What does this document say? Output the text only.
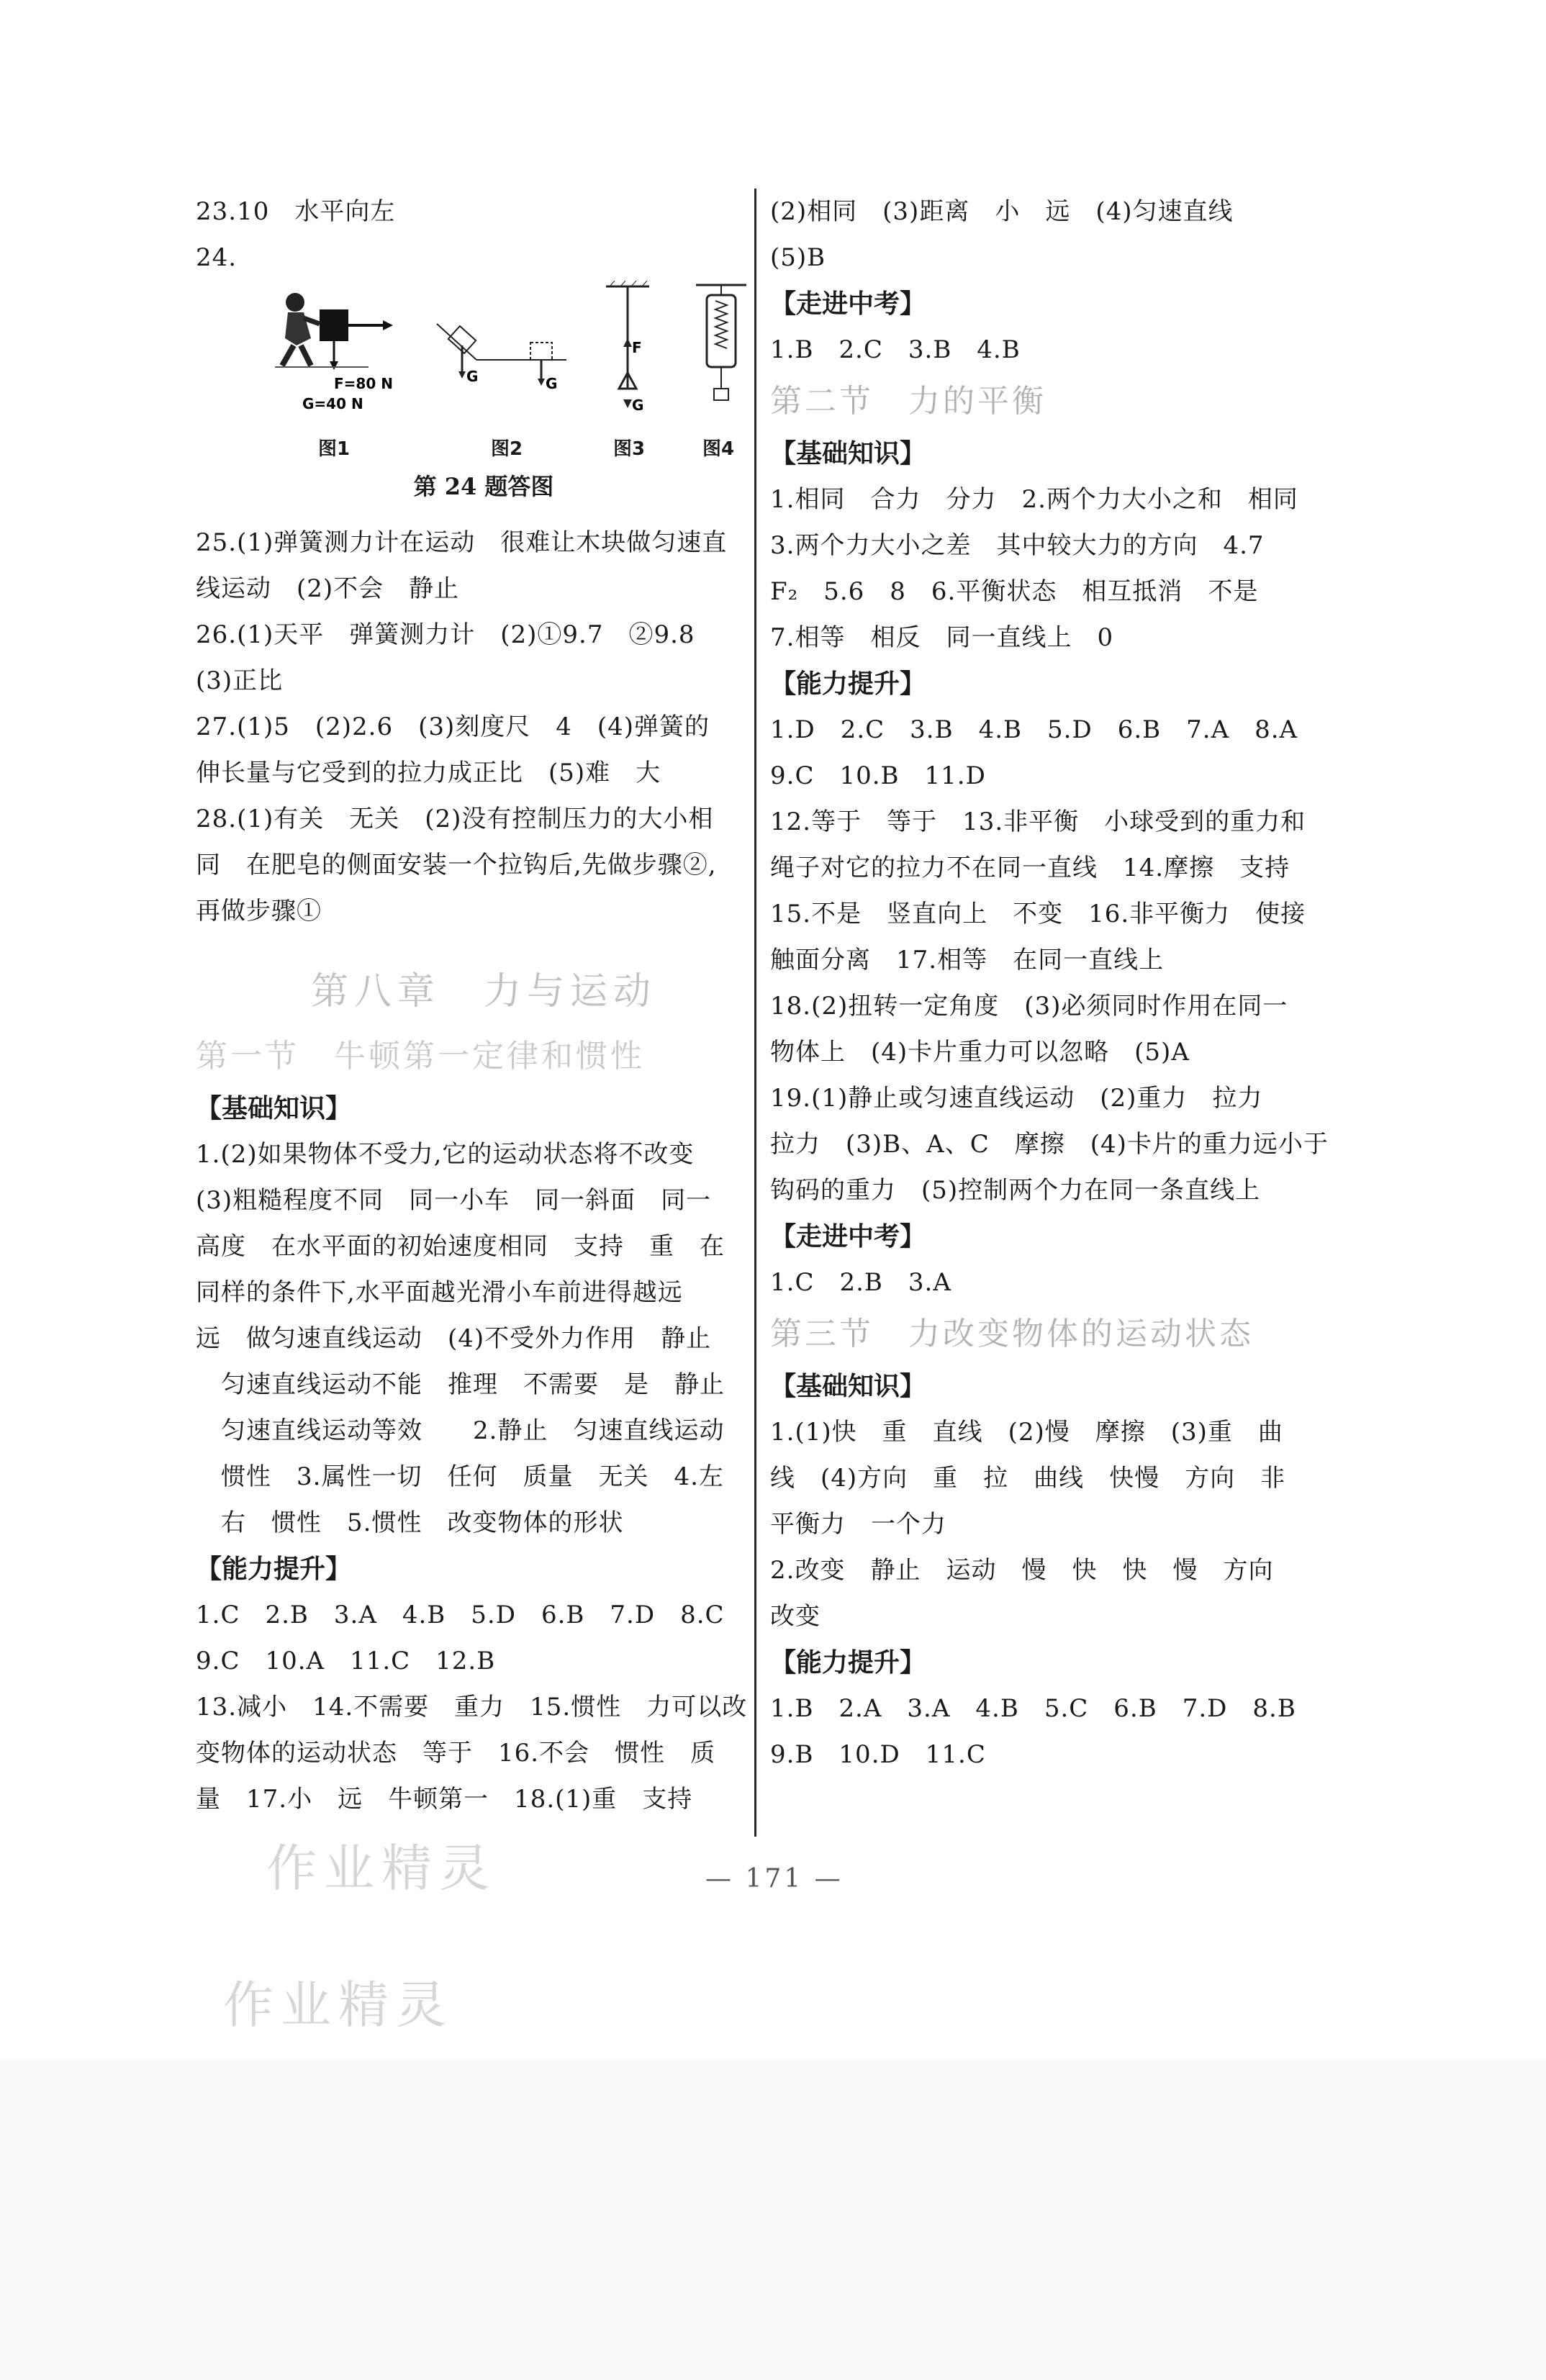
23.10　水平向左
24.
F=80 N
G=40 N
图1
G	G
图2
F
G
图3	图4
第 24 题答图
25.(1)弹簧测力计在运动　很难让木块做匀速直
线运动　(2)不会　静止
26.(1)天平　弹簧测力计　(2)①9.7　②9.8
(3)正比
27.(1)5　(2)2.6　(3)刻度尺　4　(4)弹簧的
伸长量与它受到的拉力成正比　(5)难　大
28.(1)有关　无关　(2)没有控制压力的大小相
同　在肥皂的侧面安装一个拉钩后,先做步骤②,
再做步骤①
第八章　力与运动
第一节　牛顿第一定律和惯性
【基础知识】
1.(2)如果物体不受力,它的运动状态将不改变
(3)粗糙程度不同　同一小车　同一斜面　同一
高度　在水平面的初始速度相同　支持　重　在
同样的条件下,水平面越光滑小车前进得越远
远　做匀速直线运动　(4)不受外力作用　静止
　匀速直线运动不能　推理　不需要　是　静止
　匀速直线运动等效　　2.静止　匀速直线运动
　惯性　3.属性一切　任何　质量　无关　4.左
　右　惯性　5.惯性　改变物体的形状
【能力提升】
1.C　2.B　3.A　4.B　5.D　6.B　7.D　8.C
9.C　10.A　11.C　12.B
13.减小　14.不需要　重力　15.惯性　力可以改
变物体的运动状态　等于　16.不会　惯性　质
量　17.小　远　牛顿第一　18.(1)重　支持
(2)相同　(3)距离　小　远　(4)匀速直线
(5)B
【走进中考】
1.B　2.C　3.B　4.B
第二节　力的平衡
【基础知识】
1.相同　合力　分力　2.两个力大小之和　相同
3.两个力大小之差　其中较大力的方向　4.7
F₂　5.6　8　6.平衡状态　相互抵消　不是
7.相等　相反　同一直线上　0
【能力提升】
1.D　2.C　3.B　4.B　5.D　6.B　7.A　8.A
9.C　10.B　11.D
12.等于　等于　13.非平衡　小球受到的重力和
绳子对它的拉力不在同一直线　14.摩擦　支持
15.不是　竖直向上　不变　16.非平衡力　使接
触面分离　17.相等　在同一直线上
18.(2)扭转一定角度　(3)必须同时作用在同一
物体上　(4)卡片重力可以忽略　(5)A
19.(1)静止或匀速直线运动　(2)重力　拉力
拉力　(3)B、A、C　摩擦　(4)卡片的重力远小于
钩码的重力　(5)控制两个力在同一条直线上
【走进中考】
1.C　2.B　3.A
第三节　力改变物体的运动状态
【基础知识】
1.(1)快　重　直线　(2)慢　摩擦　(3)重　曲
线　(4)方向　重　拉　曲线　快慢　方向　非
平衡力　一个力
2.改变　静止　运动　慢　快　快　慢　方向
改变
【能力提升】
1.B　2.A　3.A　4.B　5.C　6.B　7.D　8.B
9.B　10.D　11.C
— 171 —
作业精灵
作业精灵
